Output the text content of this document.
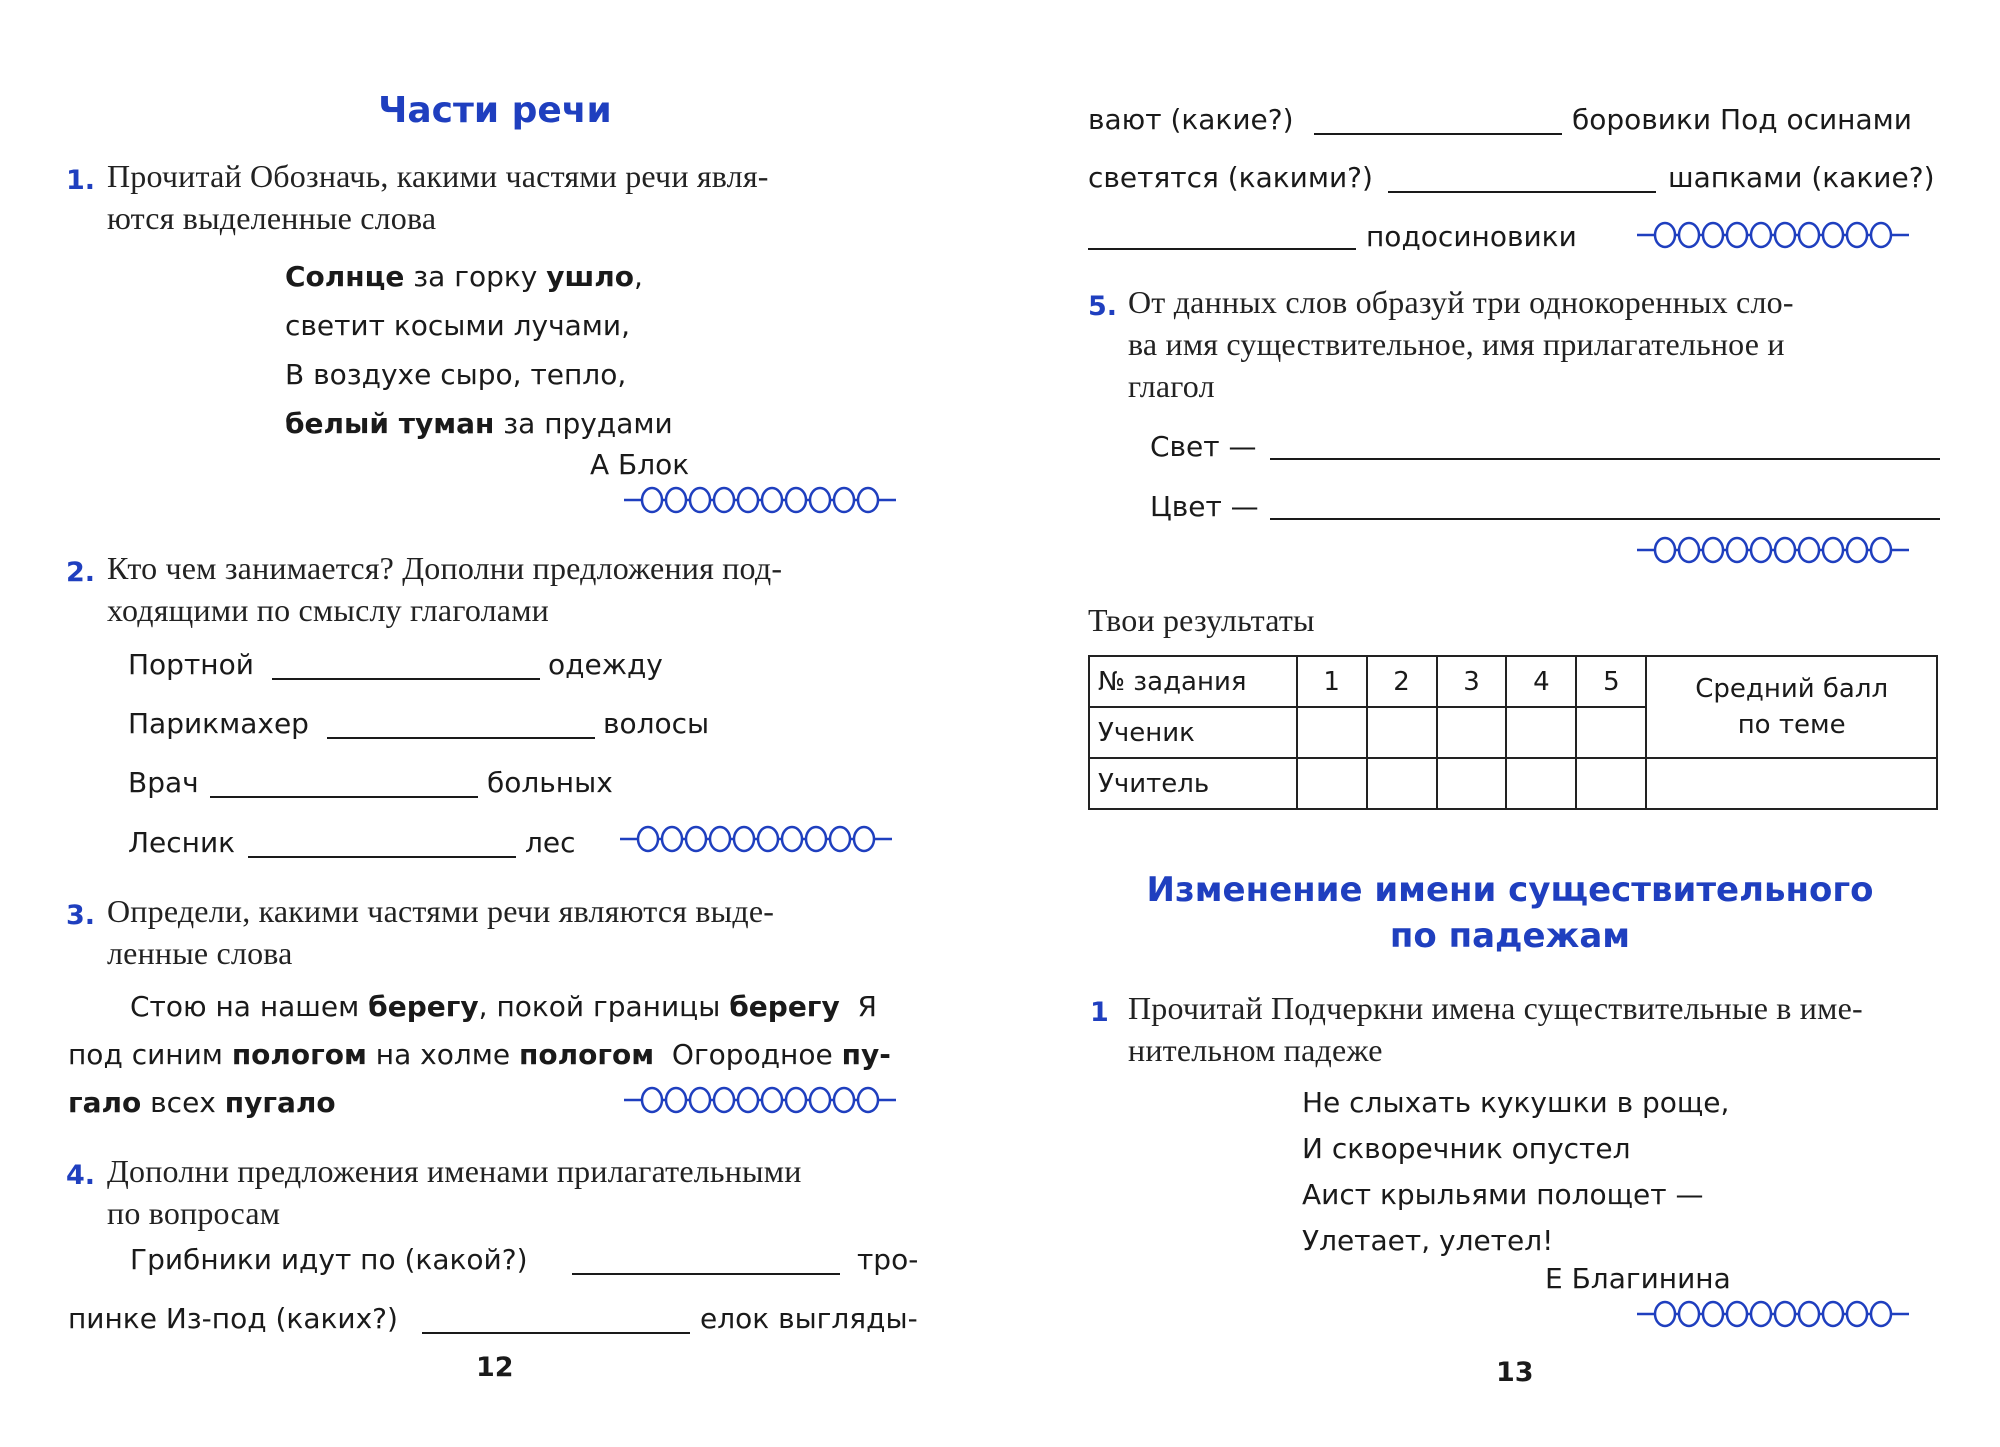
Части речи
1. Прочитай Обозначь, какими частями речи явля-
ются выделенные слова
Солнце за горку ушло,
светит косыми лучами,
В воздухе сыро, тепло,
белый туман за прудами
А Блок
2. Кто чем занимается? Дополни предложения под-
ходящими по смыслу глаголами
Портной	одежду
Парикмахер	волосы
Врач	больных
Лесник	лес
3. Определи, какими частями речи являются выде-
ленные слова
Стою на нашем берегу, покой границы берегу  Я
под синим пологом на холме пологом  Огородное пу-
гало всех пугало
4. Дополни предложения именами прилагательными
по вопросам
Грибники идут по (какой?)	тро-
пинке Из-под (каких?)	елок выгляды-
12
вают (какие?)	боровики Под осинами
светятся (какими?)	шапками (какие?)
подосиновики
5. От данных слов образуй три однокоренных сло-
ва имя существительное, имя прилагательное и
глагол
Свет —
Цвет —
Твои результаты
№ задания	1	2	3	4	5	Средний балл
по теме
Ученик						
Учитель						
Изменение имени существительного
по падежам
1 Прочитай Подчеркни имена существительные в име-
нительном падеже
Не слыхать кукушки в роще,
И скворечник опустел
Аист крыльями полощет —
Улетает, улетел!
Е Благинина
13
